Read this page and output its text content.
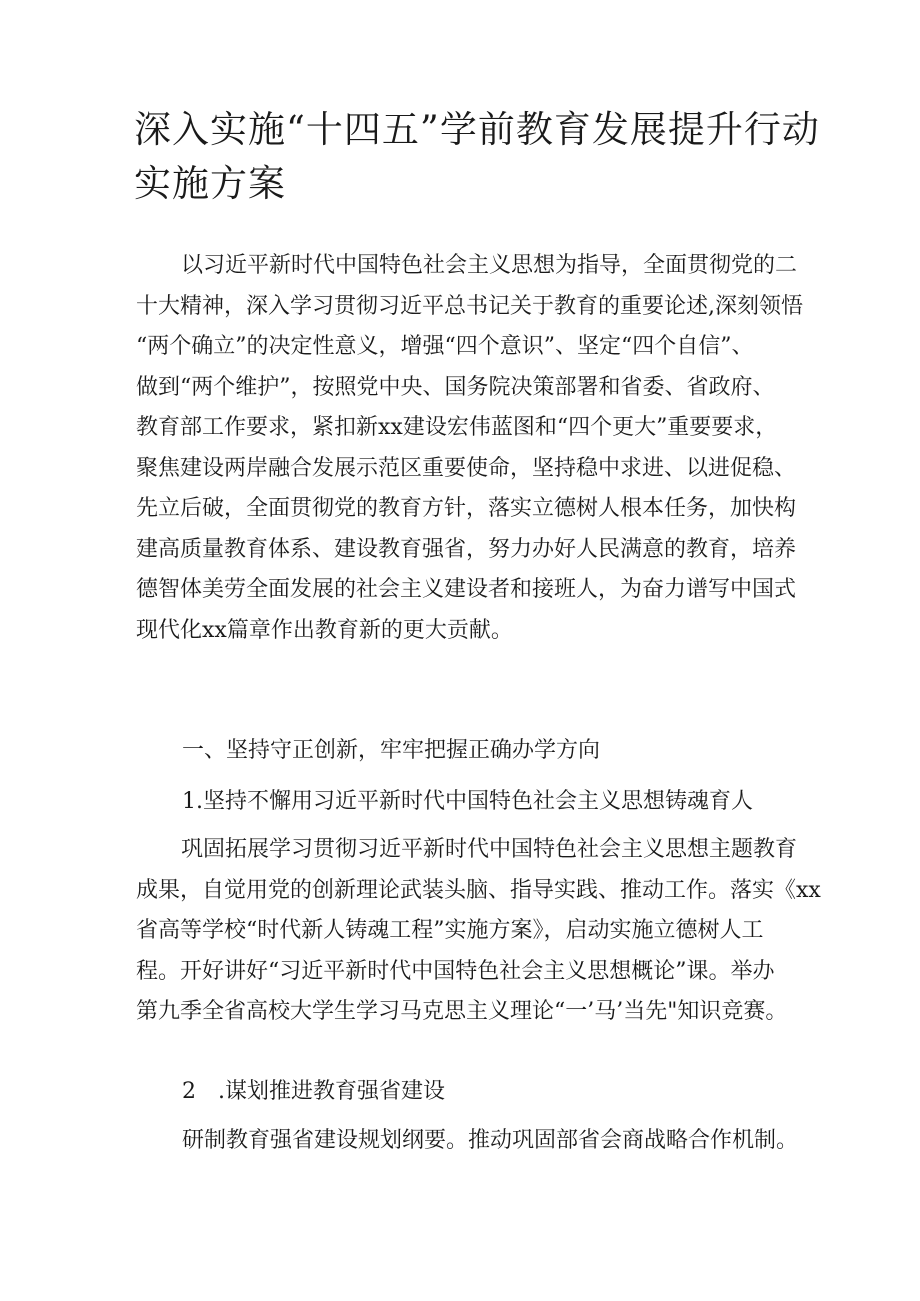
深入实施“十四五”学前教育发展提升行动
实施方案

以习近平新时代中国特色社会主义思想为指导，全面贯彻党的二
十大精神，深入学习贯彻习近平总书记关于教育的重要论述,深刻领悟
“两个确立”的决定性意义，增强“四个意识”、坚定“四个自信”、
做到“两个维护”，按照党中央、国务院决策部署和省委、省政府、
教育部工作要求，紧扣新xx建设宏伟蓝图和“四个更大”重要要求，
聚焦建设两岸融合发展示范区重要使命，坚持稳中求进、以进促稳、
先立后破，全面贯彻党的教育方针，落实立德树人根本任务，加快构
建高质量教育体系、建设教育强省，努力办好人民满意的教育，培养
德智体美劳全面发展的社会主义建设者和接班人，为奋力谱写中国式
现代化xx篇章作出教育新的更大贡献。

一、坚持守正创新，牢牢把握正确办学方向
1.坚持不懈用习近平新时代中国特色社会主义思想铸魂育人

巩固拓展学习贯彻习近平新时代中国特色社会主义思想主题教育
成果，自觉用党的创新理论武装头脑、指导实践、推动工作。落实《xx
省高等学校“时代新人铸魂工程”实施方案》，启动实施立德树人工
程。开好讲好“习近平新时代中国特色社会主义思想概论”课。举办
第九季全省高校大学生学习马克思主义理论“一’马’当先"知识竞赛。

2 .谋划推进教育强省建设

研制教育强省建设规划纲要。推动巩固部省会商战略合作机制。
